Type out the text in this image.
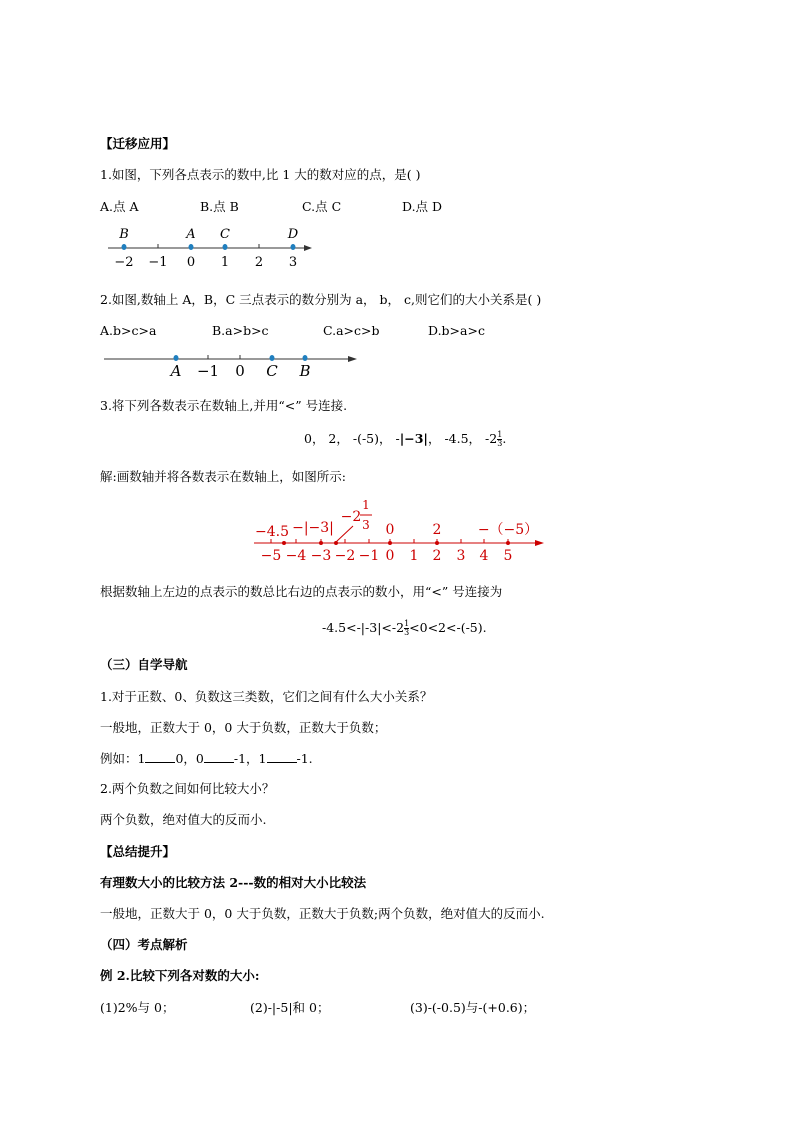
【迁移应用】
1.如图，下列各点表示的数中,比 1 大的数对应的点，是( )
A.点 A	B.点 B	C.点 C	D.点 D
B	A C	D
−2 −1 0 1 2 3
2.如图,数轴上 A，B，C 三点表示的数分别为 a， b， c,则它们的大小关系是( )
A.b>c>a	B.a>b>c	C.a>c>b	D.b>a>c
A −1 0 C B
3.将下列各数表示在数轴上,并用“<” 号连接.
0， 2， -(-5)， -|−3|， -4.5， $-2 \frac{1}{3}$ .
解:画数轴并将各数表示在数轴上，如图所示:
−4.5 −|−3|
−2
1
3 0	2	−（−5）
−5 −4 −3 −2 −1 0 1 2 3 4 5
根据数轴上左边的点表示的数总比右边的点表示的数小，用“<” 号连接为
$-4.5<-|-3|<-2 \frac{1}{3} <0<2<-(-5)$.
（三）自学导航
1.对于正数、0、负数这三类数，它们之间有什么大小关系？
一般地，正数大于 0，0 大于负数，正数大于负数；
例如：1 0，0 -1，1 -1.
2.两个负数之间如何比较大小？
两个负数，绝对值大的反而小.
【总结提升】
有理数大小的比较方法 2---数的相对大小比较法
一般地，正数大于 0，0 大于负数，正数大于负数;两个负数，绝对值大的反而小.
（四）考点解析
例 2.比较下列各对数的大小:
(1)2%与 0；	(2)-|-5|和 0；	(3)-(-0.5)与-(+0.6)；
